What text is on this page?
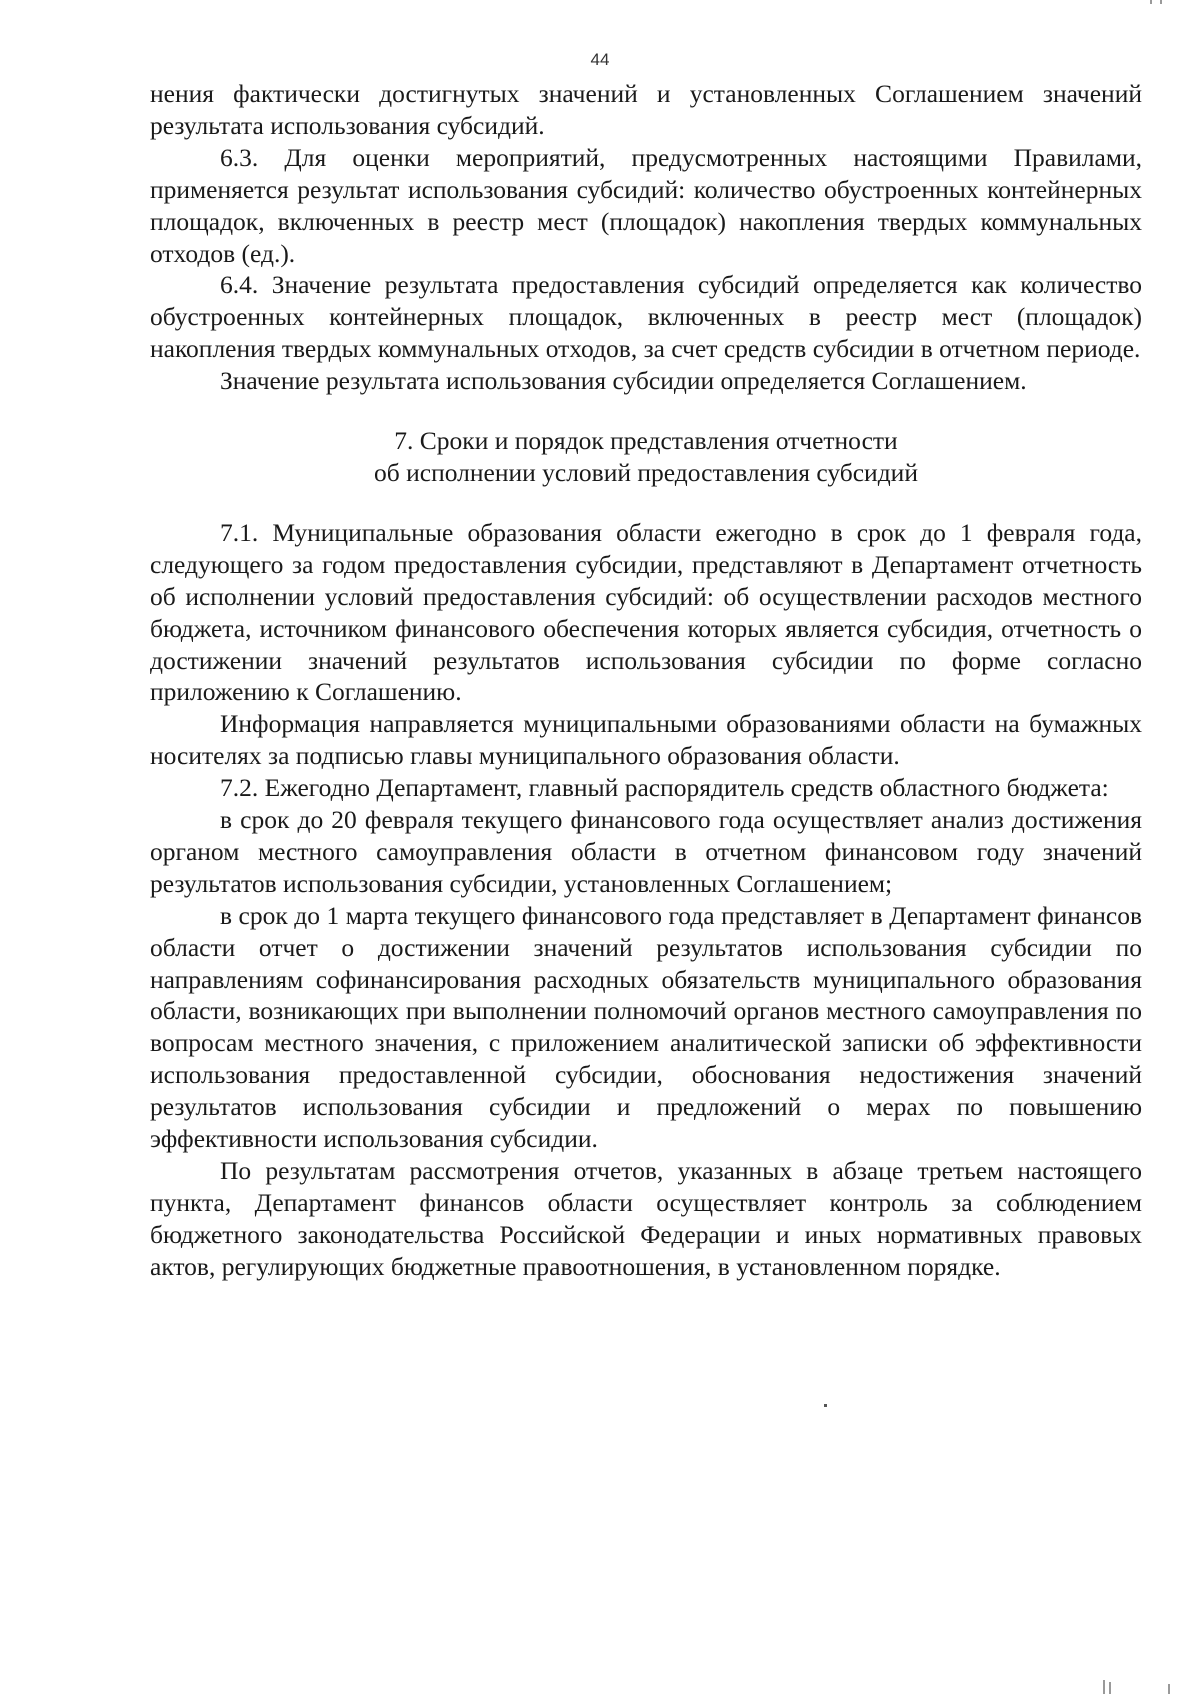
44

нения фактически достигнутых значений и установленных Соглашением значений результата использования субсидий.

6.3. Для оценки мероприятий, предусмотренных настоящими Правилами, применяется результат использования субсидий: количество обустроенных контейнерных площадок, включенных в реестр мест (площадок) накопления твердых коммунальных отходов (ед.).

6.4. Значение результата предоставления субсидий определяется как количество обустроенных контейнерных площадок, включенных в реестр мест (площадок) накопления твердых коммунальных отходов, за счет средств субсидии в отчетном периоде.

Значение результата использования субсидии определяется Соглашением.

7. Сроки и порядок представления отчетности
об исполнении условий предоставления субсидий

7.1. Муниципальные образования области ежегодно в срок до 1 февраля года, следующего за годом предоставления субсидии, представляют в Департамент отчетность об исполнении условий предоставления субсидий: об осуществлении расходов местного бюджета, источником финансового обеспечения которых является субсидия, отчетность о достижении значений результатов использования субсидии по форме согласно приложению к Соглашению.

Информация направляется муниципальными образованиями области на бумажных носителях за подписью главы муниципального образования области.

7.2. Ежегодно Департамент, главный распорядитель средств областного бюджета:

в срок до 20 февраля текущего финансового года осуществляет анализ достижения органом местного самоуправления области в отчетном финансовом году значений результатов использования субсидии, установленных Соглашением;

в срок до 1 марта текущего финансового года представляет в Департамент финансов области отчет о достижении значений результатов использования субсидии по направлениям софинансирования расходных обязательств муниципального образования области, возникающих при выполнении полномочий органов местного самоуправления по вопросам местного значения, с приложением аналитической записки об эффективности использования предоставленной субсидии, обоснования недостижения значений результатов использования субсидии и предложений о мерах по повышению эффективности использования субсидии.

По результатам рассмотрения отчетов, указанных в абзаце третьем настоящего пункта, Департамент финансов области осуществляет контроль за соблюдением бюджетного законодательства Российской Федерации и иных нормативных правовых актов, регулирующих бюджетные правоотношения, в установленном порядке.
